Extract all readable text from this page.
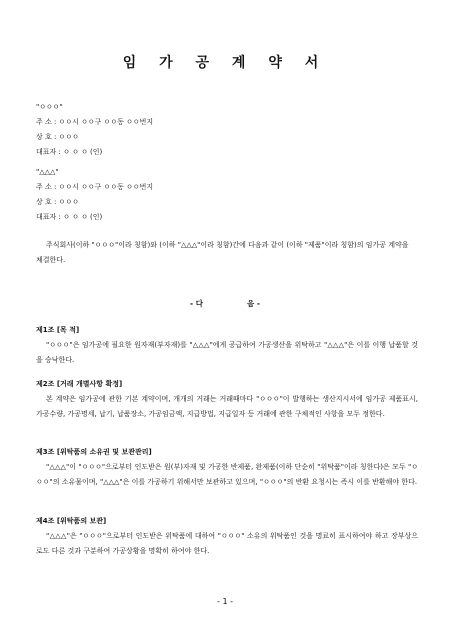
임 가 공 계 약 서
"ㅇㅇㅇ"
주 소 : ㅇㅇ시 ㅇㅇ구 ㅇㅇ동 ㅇㅇ번지
상 호 : ㅇㅇㅇ
대표자 : ㅇ ㅇ ㅇ (인)
"△△△"
주 소 : ㅇㅇ시 ㅇㅇ구 ㅇㅇ동 ㅇㅇ번지
상 호 : ㅇㅇㅇ
대표자 : ㅇ ㅇ ㅇ (인)
주식회사(이하 "ㅇㅇㅇ"이라 칭함)와 (이하 "△△△"이라 칭함)간에 다음과 같이 (이하 "제품"이라 칭함)의 임가공 계약을 체결한다.
- 다	음 -
제1조 [목 적]
"ㅇㅇㅇ"은 임가공에 필요한 원자재(부자재)를 "△△△"에게 공급하여 가공생산을 위탁하고 "△△△"은 이를 이행 납품할 것을 승낙한다.
제2조 [거래 개별사항 확정]
본 계약은 임가공에 관한 기본 계약이며, 개개의 거래는 거래때마다 "ㅇㅇㅇ"이 발행하는 생산지시서에 임가공 제품표시, 가공수량, 가공명세, 납기, 납품장소, 가공임금액, 지급방법, 지급일자 등 거래에 관한 구체적인 사항을 모두 정한다.
제3조 [위탁품의 소유권 및 보관관리]
"△△△"이 "ㅇㅇㅇ"으로부터 인도받은 원(부)자재 및 가공한 반제품, 완제품(이하 단순히 "위탁품"이라 칭한다)은 모두 "ㅇㅇㅇ"의 소유물이며, "△△△"은 이를 가공하기 위해서만 보관하고 있으며, "ㅇㅇㅇ"의 반환 요청시는 즉시 이를 반환해야 한다.
제4조 [위탁품의 보관]
"△△△"은 "ㅇㅇㅇ"으로부터 인도받은 위탁품에 대하여 "ㅇㅇㅇ" 소유의 위탁품인 것을 명료히 표시하여야 하고 장부상으로도 다른 것과 구분하여 가공상황을 명확히 하여야 한다.
- 1 -
